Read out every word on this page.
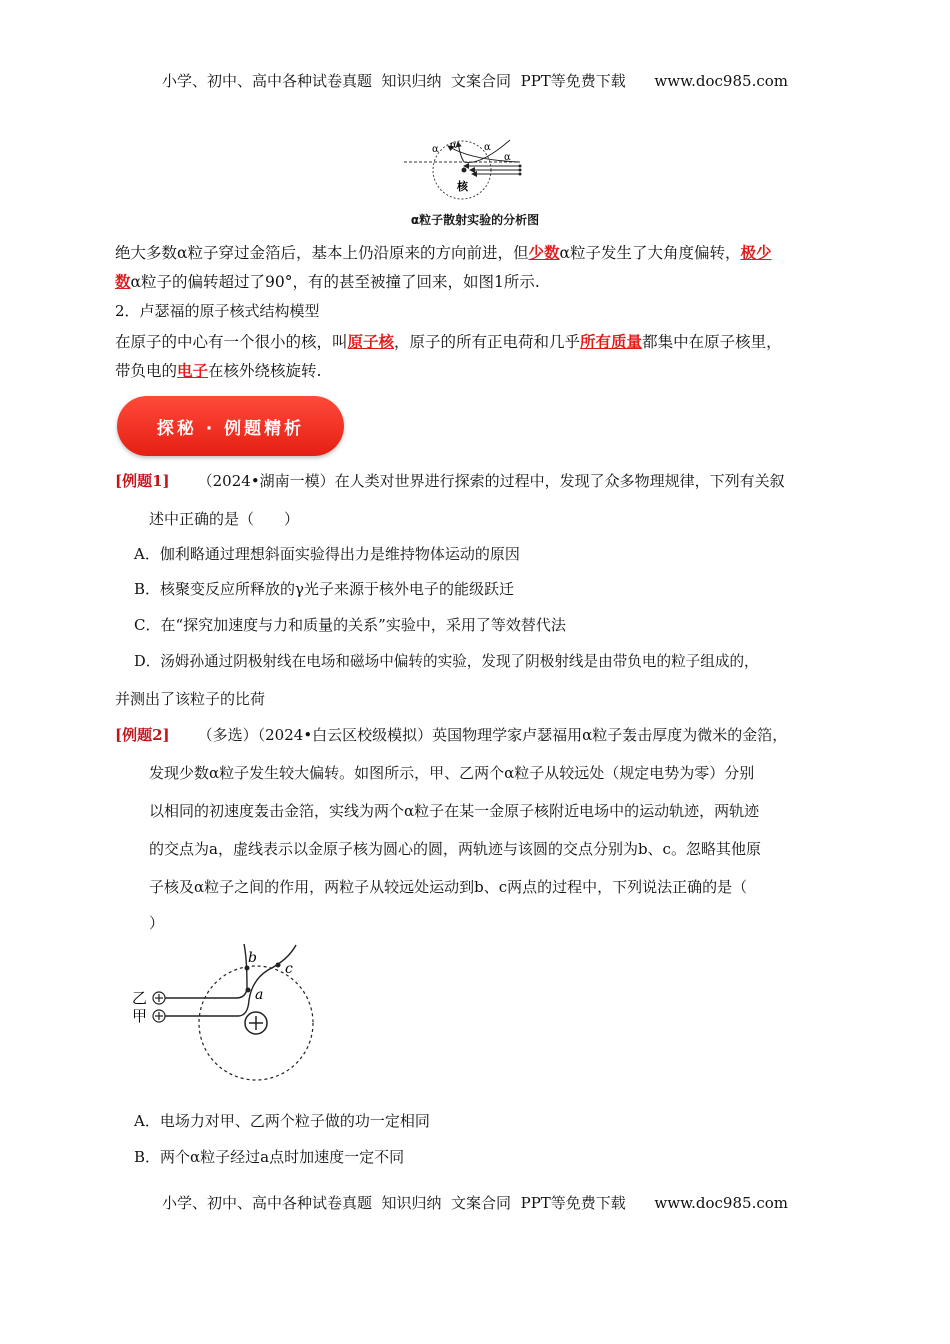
小学、初中、高中各种试卷真题  知识归纳  文案合同  PPT等免费下载      www.doc985.com
α α	α
α
核
α粒子散射实验的分析图
绝大多数α粒子穿过金箔后，基本上仍沿原来的方向前进，但少数α粒子发生了大角度偏转，极少
数α粒子的偏转超过了90°，有的甚至被撞了回来，如图1所示.
2．卢瑟福的原子核式结构模型
在原子的中心有一个很小的核，叫原子核，原子的所有正电荷和几乎所有质量都集中在原子核里，
带负电的电子在核外绕核旋转.
探秘 · 例题精析
[例题1] （2024•湖南一模）在人类对世界进行探索的过程中，发现了众多物理规律，下列有关叙
述中正确的是（　　）
A．伽利略通过理想斜面实验得出力是维持物体运动的原因
B．核聚变反应所释放的γ光子来源于核外电子的能级跃迁
C．在“探究加速度与力和质量的关系”实验中，采用了等效替代法
D．汤姆孙通过阴极射线在电场和磁场中偏转的实验，发现了阴极射线是由带负电的粒子组成的，
并测出了该粒子的比荷
[例题2] （多选）（2024•白云区校级模拟）英国物理学家卢瑟福用α粒子轰击厚度为微米的金箔，
发现少数α粒子发生较大偏转。如图所示，甲、乙两个α粒子从较远处（规定电势为零）分别
以相同的初速度轰击金箔，实线为两个α粒子在某一金原子核附近电场中的运动轨迹，两轨迹
的交点为a，虚线表示以金原子核为圆心的圆，两轨迹与该圆的交点分别为b、c。忽略其他原
子核及α粒子之间的作用，两粒子从较远处运动到b、c两点的过程中，下列说法正确的是（
）
乙
甲
b
c
a
A．电场力对甲、乙两个粒子做的功一定相同
B．两个α粒子经过a点时加速度一定不同
小学、初中、高中各种试卷真题  知识归纳  文案合同  PPT等免费下载      www.doc985.com
